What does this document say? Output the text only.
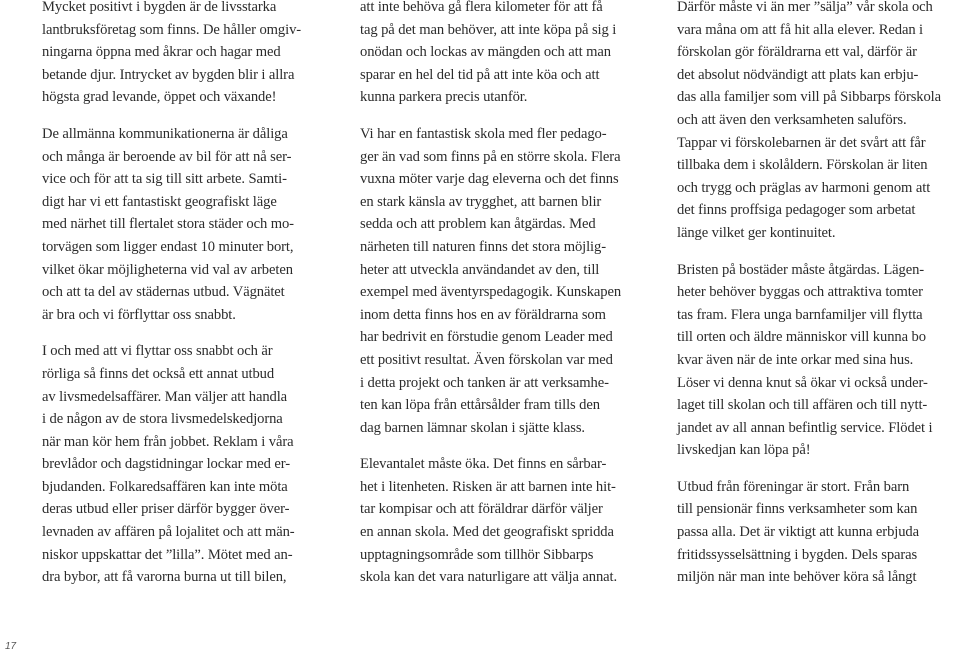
Mycket positivt i bygden är de livsstarka
lantbruksföretag som finns. De håller omgiv-
ningarna öppna med åkrar och hagar med
betande djur. Intrycket av bygden blir i allra
högsta grad levande, öppet och växande!
De allmänna kommunikationerna är dåliga
och många är beroende av bil för att nå ser-
vice och för att ta sig till sitt arbete. Samti-
digt har vi ett fantastiskt geografiskt läge
med närhet till flertalet stora städer och mo-
torvägen som ligger endast 10 minuter bort,
vilket ökar möjligheterna vid val av arbeten
och att ta del av städernas utbud. Vägnätet
är bra och vi förflyttar oss snabbt.
I och med att vi flyttar oss snabbt och är
rörliga så finns det också ett annat utbud
av livsmedelsaffärer. Man väljer att handla
i de någon av de stora livsmedelskedjorna
när man kör hem från jobbet. Reklam i våra
brevlådor och dagstidningar lockar med er-
bjudanden. Folkaredsaffären kan inte möta
deras utbud eller priser därför bygger över-
levnaden av affären på lojalitet och att män-
niskor uppskattar det ”lilla”. Mötet med an-
dra bybor, att få varorna burna ut till bilen,
att inte behöva gå flera kilometer för att få
tag på det man behöver, att inte köpa på sig i
onödan och lockas av mängden och att man
sparar en hel del tid på att inte köa och att
kunna parkera precis utanför.
Vi har en fantastisk skola med fler pedago-
ger än vad som finns på en större skola. Flera
vuxna möter varje dag eleverna och det finns
en stark känsla av trygghet, att barnen blir
sedda och att problem kan åtgärdas. Med
närheten till naturen finns det stora möjlig-
heter att utveckla användandet av den, till
exempel med äventyrspedagogik. Kunskapen
inom detta finns hos en av föräldrarna som
har bedrivit en förstudie genom Leader med
ett positivt resultat. Även förskolan var med
i detta projekt och tanken är att verksamhe-
ten kan löpa från ettårsålder fram tills den
dag barnen lämnar skolan i sjätte klass.
Elevantalet måste öka. Det finns en sårbar-
het i litenheten. Risken är att barnen inte hit-
tar kompisar och att föräldrar därför väljer
en annan skola. Med det geografiskt spridda
upptagningsområde som tillhör Sibbarps
skola kan det vara naturligare att välja annat.
Därför måste vi än mer ”sälja” vår skola och
vara måna om att få hit alla elever. Redan i
förskolan gör föräldrarna ett val, därför är
det absolut nödvändigt att plats kan erbju-
das alla familjer som vill på Sibbarps förskola
och att även den verksamheten saluförs.
Tappar vi förskolebarnen är det svårt att får
tillbaka dem i skolåldern. Förskolan är liten
och trygg och präglas av harmoni genom att
det finns proffsiga pedagoger som arbetat
länge vilket ger kontinuitet.
Bristen på bostäder måste åtgärdas. Lägen-
heter behöver byggas och attraktiva tomter
tas fram. Flera unga barnfamiljer vill flytta
till orten och äldre människor vill kunna bo
kvar även när de inte orkar med sina hus.
Löser vi denna knut så ökar vi också under-
laget till skolan och till affären och till nytt-
jandet av all annan befintlig service. Flödet i
livskedjan kan löpa på!
Utbud från föreningar är stort. Från barn
till pensionär finns verksamheter som kan
passa alla. Det är viktigt att kunna erbjuda
fritidssysselsättning i bygden. Dels sparas
miljön när man inte behöver köra så långt
17
